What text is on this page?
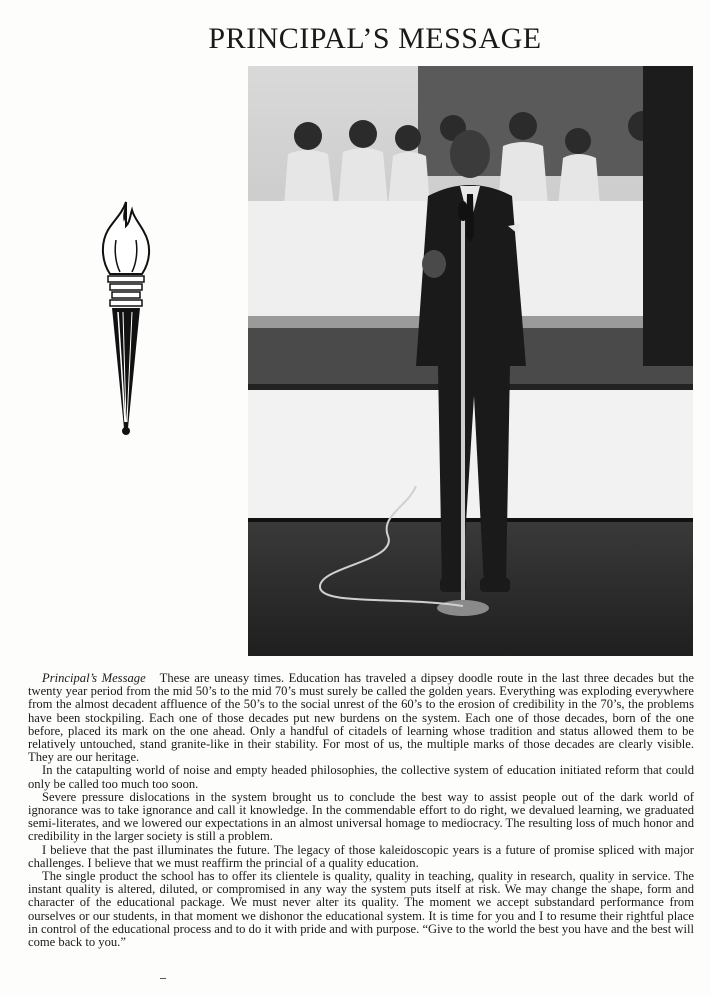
PRINCIPAL’S MESSAGE

Principal’s Message These are uneasy times. Education has traveled a dipsey doodle route in the last three decades but the twenty year period from the mid 50’s to the mid 70’s must surely be called the golden years. Everything was exploding everywhere from the almost decadent affluence of the 50’s to the social unrest of the 60’s to the erosion of credibility in the 70’s, the problems have been stockpiling. Each one of those decades put new burdens on the system. Each one of those decades, born of the one before, placed its mark on the one ahead. Only a handful of citadels of learning whose tradition and status allowed them to be relatively untouched, stand granite-like in their stability. For most of us, the multiple marks of those decades are clearly visible. They are our heritage.

In the catapulting world of noise and empty headed philosophies, the collective system of education initiated reform that could only be called too much too soon.

Severe pressure dislocations in the system brought us to conclude the best way to assist people out of the dark world of ignorance was to take ignorance and call it knowledge. In the commendable effort to do right, we devalued learning, we graduated semi-literates, and we lowered our expectations in an almost universal homage to mediocracy. The resulting loss of much honor and credibility in the larger society is still a problem.

I believe that the past illuminates the future. The legacy of those kaleidoscopic years is a future of promise spliced with major challenges. I believe that we must reaffirm the princial of a quality education.

The single product the school has to offer its clientele is quality, quality in teaching, quality in research, quality in service. The instant quality is altered, diluted, or compromised in any way the system puts itself at risk. We may change the shape, form and character of the educational package. We must never alter its quality. The moment we accept substandard performance from ourselves or our students, in that moment we dishonor the educational system. It is time for you and I to resume their rightful place in control of the educational process and to do it with pride and with purpose. “Give to the world the best you have and the best will come back to you.”
